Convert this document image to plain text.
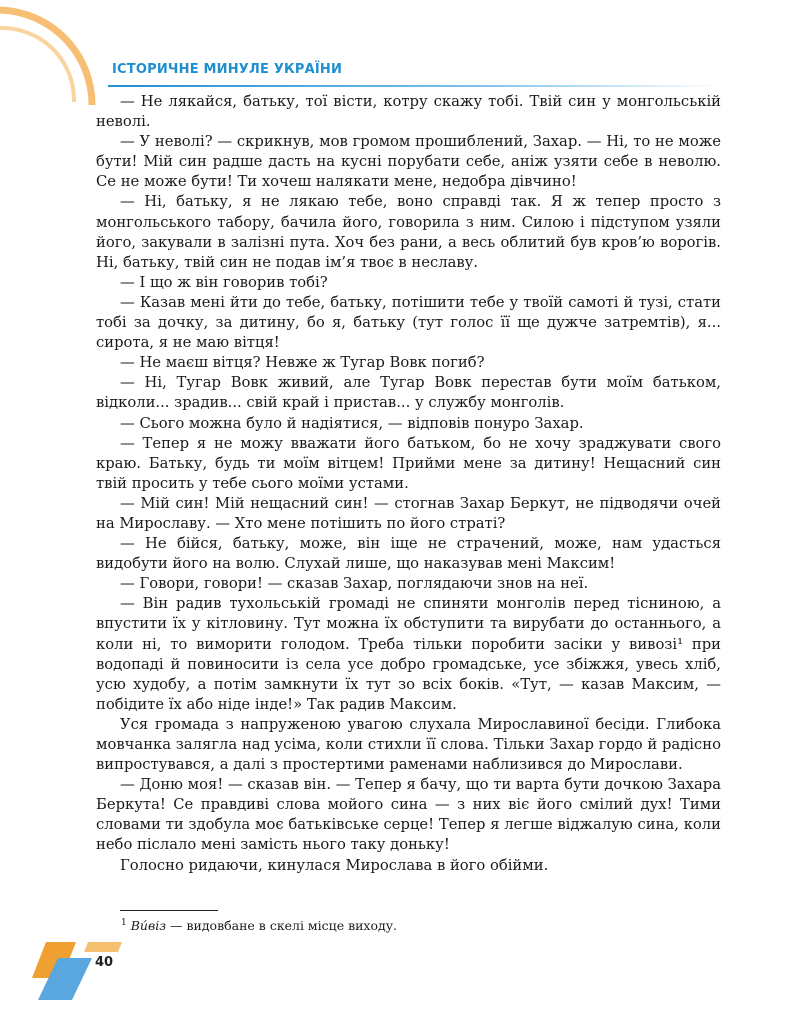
ІСТОРИЧНЕ МИНУЛЕ УКРАЇНИ

— Не лякайся, батьку, тої вісти, котру скажу тобі. Твій син у монгольській неволі.

— У неволі? — скрикнув, мов громом прошиблений, Захар. — Ні, то не може бути! Мій син радше дасть на кусні порубати себе, аніж узяти себе в неволю. Се не може бути! Ти хочеш налякати мене, недобра дівчино!

— Ні, батьку, я не лякаю тебе, воно справді так. Я ж тепер просто з монгольського табору, бачила його, говорила з ним. Силою і підступом узяли його, закували в залізні пута. Хоч без рани, а весь облитий був кров’ю ворогів. Ні, батьку, твій син не подав ім’я твоє в неславу.

— І що ж він говорив тобі?

— Казав мені йти до тебе, батьку, потішити тебе у твоїй самоті й тузі, стати тобі за дочку, за дитину, бо я, батьку (тут голос її ще дужче затремтів), я... сирота, я не маю вітця!

— Не маєш вітця? Невже ж Тугар Вовк погиб?

— Ні, Тугар Вовк живий, але Тугар Вовк перестав бути моїм батьком, відколи... зрадив... свій край і пристав... у службу монголів.

— Сього можна було й надіятися, — відповів понуро Захар.

— Тепер я не можу вважати його батьком, бо не хочу зраджувати свого краю. Батьку, будь ти моїм вітцем! Прийми мене за дитину! Нещасний син твій просить у тебе сього моїми устами.

— Мій син! Мій нещасний син! — стогнав Захар Беркут, не підводячи очей на Мирославу. — Хто мене потішить по його страті?

— Не бійся, батьку, може, він іще не страчений, може, нам удасться видобути його на волю. Слухай лише, що наказував мені Максим!

— Говори, говори! — сказав Захар, поглядаючи знов на неї.

— Він радив тухольській громаді не спиняти монголів перед тісниною, а впустити їх у кітловину. Тут можна їх обступити та вирубати до останнього, а коли ні, то виморити голодом. Треба тільки поробити засіки у вивозі¹ при водопаді й повиносити із села усе добро громадське, усе збіжжя, увесь хліб, усю худобу, а потім замкнути їх тут зо всіх боків. «Тут, — казав Максим, — побідите їх або ніде інде!» Так радив Максим.

Уся громада з напруженою увагою слухала Мирославиної бесіди. Глибока мовчанка залягла над усіма, коли стихли її слова. Тільки Захар гордо й радісно випростувався, а далі з простертими раменами наблизився до Мирослави.

— Доню моя! — сказав він. — Тепер я бачу, що ти варта бути дочкою Захара Беркута! Се правдиві слова мойого сина — з них віє його смілий дух! Тими словами ти здобула моє батьківське серце! Тепер я легше віджалую сина, коли небо післало мені замість нього таку доньку!

Голосно ридаючи, кинулася Мирослава в його обійми.

$^1$ Ви́віз — видовбане в скелі місце виходу.
40
